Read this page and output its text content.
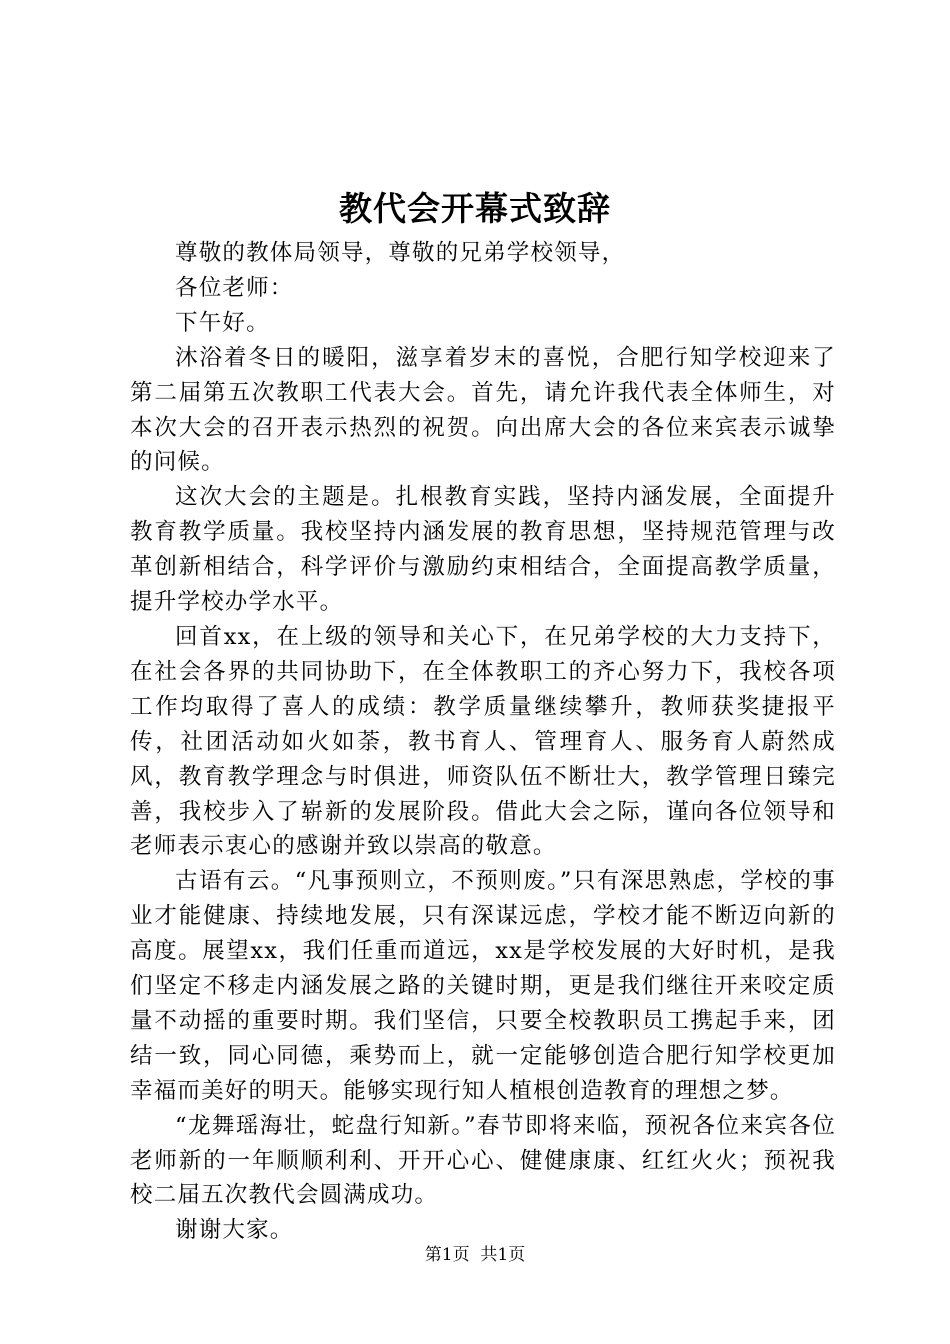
教代会开幕式致辞

尊敬的教体局领导，尊敬的兄弟学校领导，

各位老师：

下午好。

沐浴着冬日的暖阳，滋享着岁末的喜悦，合肥行知学校迎来了第二届第五次教职工代表大会。首先，请允许我代表全体师生，对本次大会的召开表示热烈的祝贺。向出席大会的各位来宾表示诚挚的问候。

这次大会的主题是。扎根教育实践，坚持内涵发展，全面提升教育教学质量。我校坚持内涵发展的教育思想，坚持规范管理与改革创新相结合，科学评价与激励约束相结合，全面提高教学质量，提升学校办学水平。

回首xx，在上级的领导和关心下，在兄弟学校的大力支持下，在社会各界的共同协助下，在全体教职工的齐心努力下，我校各项工作均取得了喜人的成绩：教学质量继续攀升，教师获奖捷报平传，社团活动如火如荼，教书育人、管理育人、服务育人蔚然成风，教育教学理念与时俱进，师资队伍不断壮大，教学管理日臻完善，我校步入了崭新的发展阶段。借此大会之际，谨向各位领导和老师表示衷心的感谢并致以崇高的敬意。

古语有云。“凡事预则立，不预则废。”只有深思熟虑，学校的事业才能健康、持续地发展，只有深谋远虑，学校才能不断迈向新的高度。展望xx，我们任重而道远，xx是学校发展的大好时机，是我们坚定不移走内涵发展之路的关键时期，更是我们继往开来咬定质量不动摇的重要时期。我们坚信，只要全校教职员工携起手来，团结一致，同心同德，乘势而上，就一定能够创造合肥行知学校更加幸福而美好的明天。能够实现行知人植根创造教育的理想之梦。

“龙舞瑶海壮，蛇盘行知新。”春节即将来临，预祝各位来宾各位老师新的一年顺顺利利、开开心心、健健康康、红红火火；预祝我校二届五次教代会圆满成功。

谢谢大家。

第1页  共1页
